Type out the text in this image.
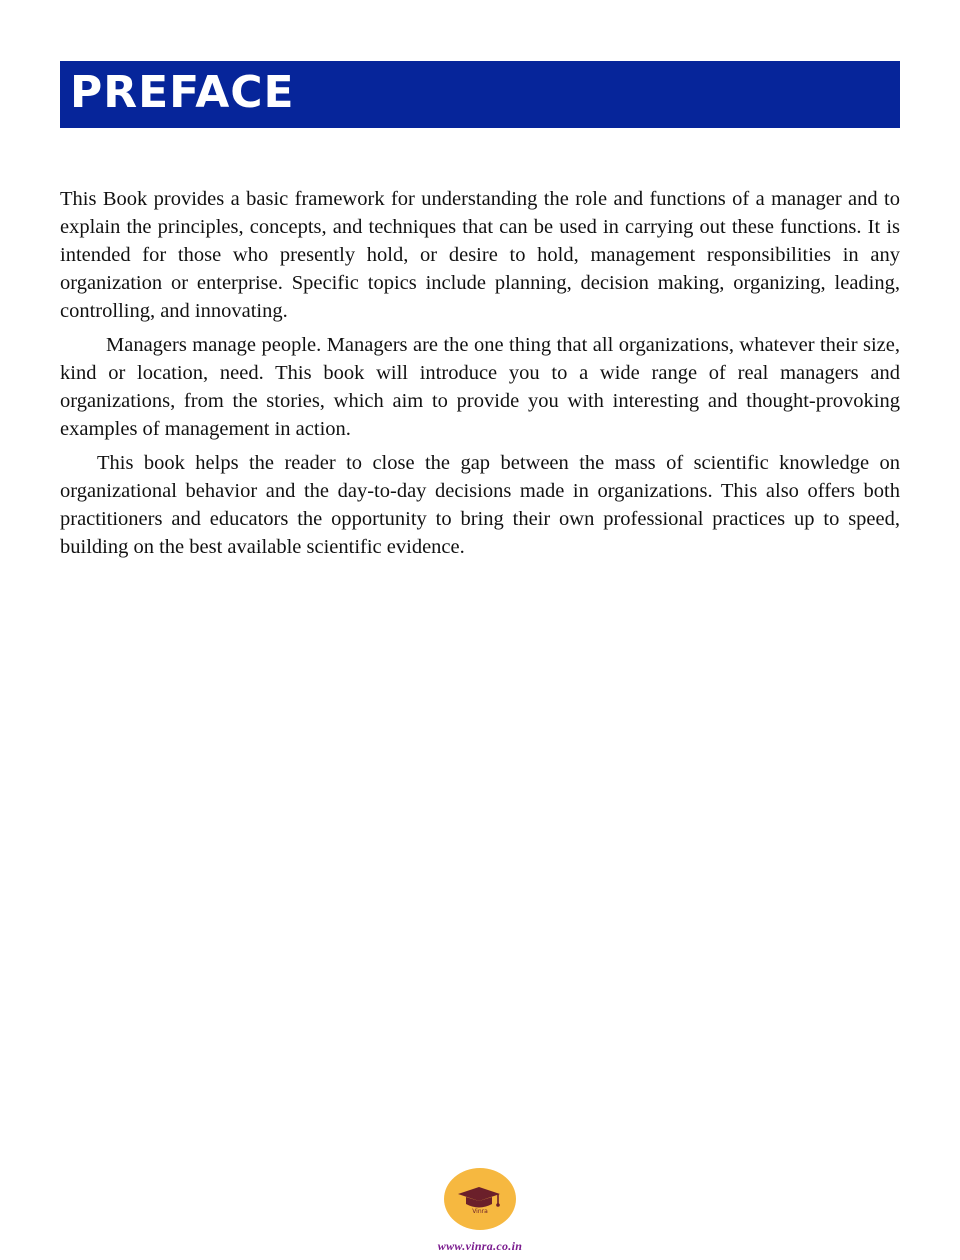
PREFACE

This Book provides a basic framework for understanding the role and functions of a manager and to explain the principles, concepts, and techniques that can be used in carrying out these functions. It is intended for those who presently hold, or desire to hold, management responsibilities in any organization or enterprise. Specific topics include planning, decision making, organizing, leading, controlling, and innovating.

Managers manage people. Managers are the one thing that all organizations, whatever their size, kind or location, need. This book will introduce you to a wide range of real managers and organizations, from the stories, which aim to provide you with interesting and thought-provoking examples of management in action.

This book helps the reader to close the gap between the mass of scientific knowledge on organizational behavior and the day-to-day decisions made in organizations. This also offers both practitioners and educators the opportunity to bring their own professional practices up to speed, building on the best available scientific evidence.

Vinra
www.vinra.co.in
